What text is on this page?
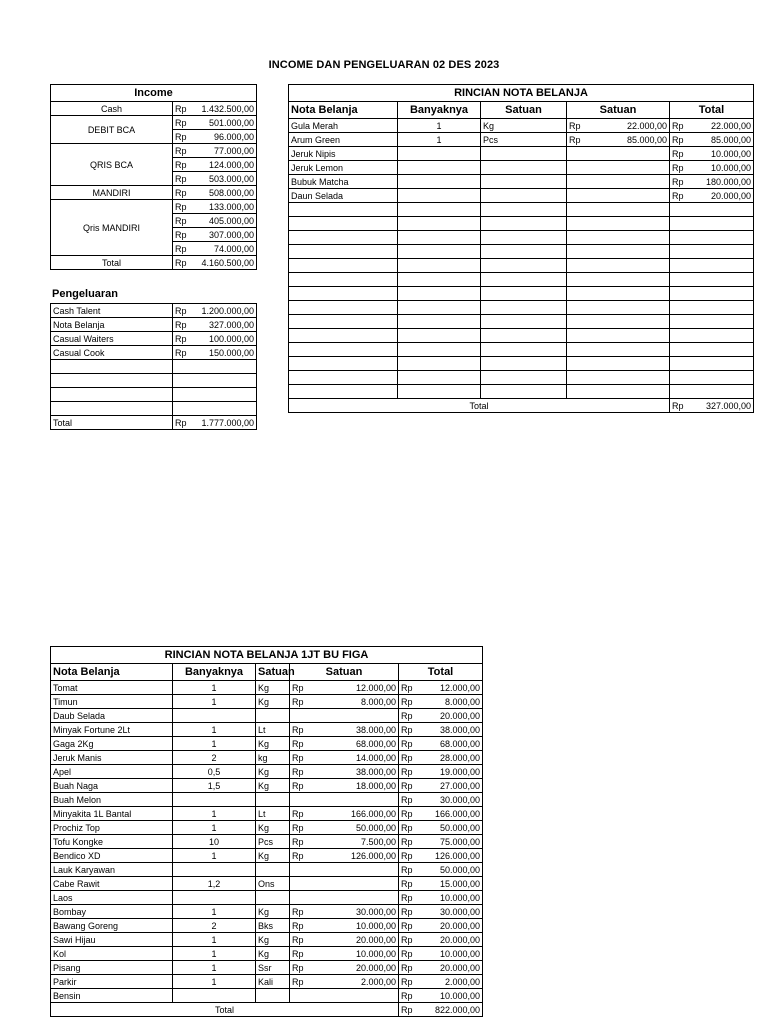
INCOME DAN PENGELUARAN 02 DES 2023
Income	
Cash	Rp 1.432.500,00

DEBIT BCA	Rp 501.000,00

	Rp 96.000,00

QRIS BCA	Rp 77.000,00

	Rp 124.000,00

	Rp 503.000,00

MANDIRI	Rp 508.000,00

Qris MANDIRI	Rp 133.000,00

	Rp 405.000,00

	Rp 307.000,00

	Rp 74.000,00

Total	Rp 4.160.500,00
Pengeluaran
Cash Talent	Rp 1.200.000,00

Nota Belanja	Rp 327.000,00

Casual Waiters	Rp 100.000,00

Casual Cook	Rp 150.000,00

Total	Rp 1.777.000,00
RINCIAN NOTA BELANJA				
Nota Belanja	Banyaknya	Satuan	Satuan	Total
Gula Merah	1	Kg	Rp 22.000,00	Rp 22.000,00

Arum Green	1	Pcs	Rp 85.000,00	Rp 85.000,00

Jeruk Nipis				Rp 10.000,00

Jeruk Lemon				Rp 10.000,00

Bubuk Matcha				Rp 180.000,00

Daun Selada				Rp 20.000,00

Total				Rp 327.000,00
RINCIAN NOTA BELANJA 1JT BU FIGA				
Nota Belanja	Banyaknya	Satuan	Satuan	Total
Tomat	1	Kg	Rp 12.000,00	Rp 12.000,00

Timun	1	Kg	Rp 8.000,00	Rp 8.000,00

Daub Selada				Rp 20.000,00

Minyak Fortune 2Lt	1	Lt	Rp 38.000,00	Rp 38.000,00

Gaga 2Kg	1	Kg	Rp 68.000,00	Rp 68.000,00

Jeruk Manis	2	kg	Rp 14.000,00	Rp 28.000,00

Apel	0,5	Kg	Rp 38.000,00	Rp 19.000,00

Buah Naga	1,5	Kg	Rp 18.000,00	Rp 27.000,00

Buah Melon				Rp 30.000,00

Minyakita 1L Bantal	1	Lt	Rp 166.000,00	Rp 166.000,00

Prochiz Top	1	Kg	Rp 50.000,00	Rp 50.000,00

Tofu Kongke	10	Pcs	Rp 7.500,00	Rp 75.000,00

Bendico XD	1	Kg	Rp 126.000,00	Rp 126.000,00

Lauk Karyawan				Rp 50.000,00

Cabe Rawit	1,2	Ons		Rp 15.000,00

Laos				Rp 10.000,00

Bombay	1	Kg	Rp 30.000,00	Rp 30.000,00

Bawang Goreng	2	Bks	Rp 10.000,00	Rp 20.000,00

Sawi Hijau	1	Kg	Rp 20.000,00	Rp 20.000,00

Kol	1	Kg	Rp 10.000,00	Rp 10.000,00

Pisang	1	Ssr	Rp 20.000,00	Rp 20.000,00

Parkir	1	Kali	Rp 2.000,00	Rp 2.000,00

Bensin				Rp 10.000,00

Total				Rp 822.000,00
